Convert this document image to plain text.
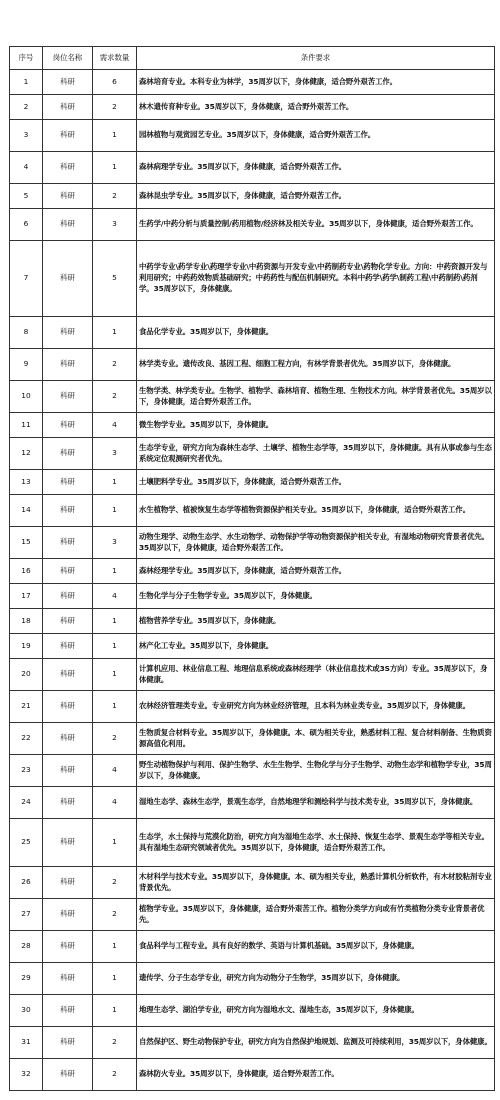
序号	岗位名称	需求数量	条件要求
1	科研	6	森林培育专业。本科专业为林学，35周岁以下，身体健康，适合野外艰苦工作。
2	科研	2	林木遗传育种专业。35周岁以下，身体健康，适合野外艰苦工作。
3	科研	1	园林植物与观赏园艺专业。35周岁以下，身体健康，适合野外艰苦工作。
4	科研	1	森林病理学专业。35周岁以下，身体健康，适合野外艰苦工作。
5	科研	2	森林昆虫学专业。35周岁以下，身体健康，适合野外艰苦工作。
6	科研	3	生药学/中药分析与质量控制/药用植物/经济林及相关专业。35周岁以下，身体健康，适合野外艰苦工作。
7	科研	5	中药学专业\药学专业\药理学专业\中药资源与开发专业\中药制药专业\药物化学专业。方向：中药资源开发与利用研究；中药药效物质基础研究；中药药性与配伍机制研究。本科中药学\药学\制药工程\中药制药\药剂学。35周岁以下，身体健康。
8	科研	1	食品化学专业。35周岁以下，身体健康。
9	科研	2	林学类专业。遗传改良、基因工程、细胞工程方向，有林学背景者优先。35周岁以下，身体健康。
10	科研	2	生物学类、林学类专业。生物学、植物学、森林培育、植物生理、生物技术方向。林学背景者优先。35周岁以下，身体健康，适合野外艰苦工作。
11	科研	4	微生物学专业。35周岁以下，身体健康。
12	科研	3	生态学专业，研究方向为森林生态学、土壤学、植物生态学等，35周岁以下，身体健康。具有从事或参与生态系统定位观测研究者优先。
13	科研	1	土壤肥料学专业。35周岁以下，身体健康，适合野外艰苦工作。
14	科研	1	水生植物学、植被恢复生态学等植物资源保护相关专业。35周岁以下，身体健康，适合野外艰苦工作。
15	科研	3	动物生理学、动物生态学、水生动物学、动物保护学等动物资源保护相关专业，有湿地动物研究背景者优先。35周岁以下，身体健康，适合野外艰苦工作。
16	科研	1	森林经理学专业。35周岁以下，身体健康，适合野外艰苦工作。
17	科研	4	生物化学与分子生物学专业。35周岁以下，身体健康。
18	科研	1	植物营养学专业。35周岁以下，身体健康。
19	科研	1	林产化工专业。35周岁以下，身体健康。
20	科研	1	计算机应用、林业信息工程、地理信息系统或森林经理学（林业信息技术或3S方向）专业。35周岁以下，身体健康。
21	科研	1	农林经济管理类专业。专业研究方向为林业经济管理，且本科为林业类专业。35周岁以下，身体健康。
22	科研	2	生物质复合材料专业。35周岁以下，身体健康。本、硕为相关专业，熟悉材料工程、复合材料制备、生物质资源高值化利用。
23	科研	4	野生动植物保护与利用、保护生物学、水生生物学、生物化学与分子生物学、动物生态学和植物学专业，35周岁以下，身体健康。
24	科研	4	湿地生态学、森林生态学，景观生态学，自然地理学和测绘科学与技术类专业，35周岁以下，身体健康。
25	科研	1	生态学，水土保持与荒漠化防治，研究方向为湿地生态学、水土保持、恢复生态学、景观生态学等相关专业。具有湿地生态研究领域者优先。35周岁以下，身体健康，适合野外艰苦工作。
26	科研	2	木材科学与技术专业。35周岁以下，身体健康。本、硕为相关专业，熟悉计算机分析软件，有木材胶粘剂专业背景优先。
27	科研	2	植物学专业。35周岁以下，身体健康，适合野外艰苦工作。植物分类学方向或有竹类植物分类专业背景者优先。
28	科研	1	食品科学与工程专业。具有良好的数学、英语与计算机基础。35周岁以下，身体健康。
29	科研	1	遗传学、分子生态学专业，研究方向为动物分子生物学，35周岁以下，身体健康。
30	科研	1	地理生态学、湖泊学专业，研究方向为湿地水文、湿地生态，35周岁以下，身体健康。
31	科研	2	自然保护区、野生动物保护专业，研究方向为自然保护地规划、监测及可持续利用，35周岁以下，身体健康。
32	科研	2	森林防火专业。35周岁以下，身体健康，适合野外艰苦工作。
